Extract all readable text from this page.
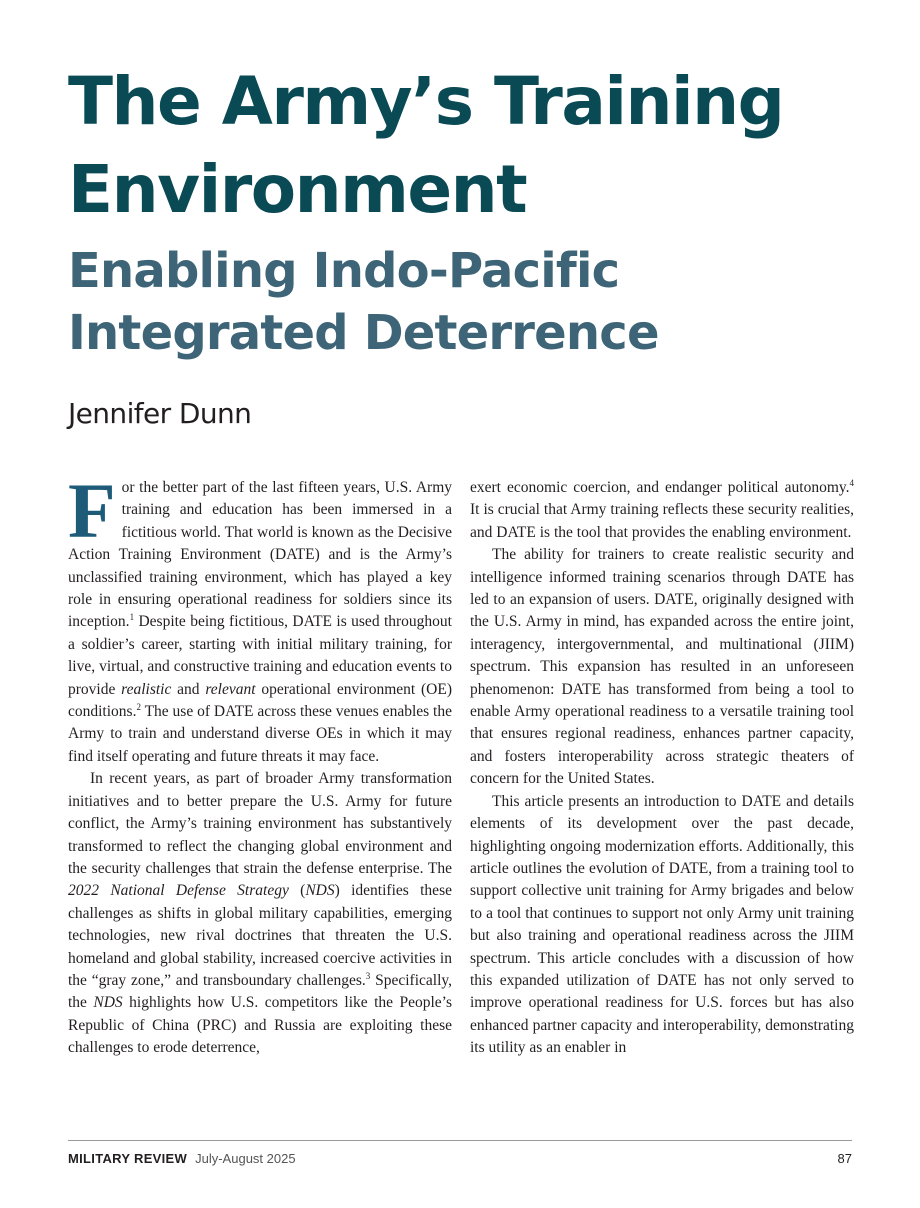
The Army’s Training Environment
Enabling Indo-Pacific Integrated Deterrence
Jennifer Dunn

For the better part of the last fifteen years, U.S. Army training and education has been immersed in a fictitious world. That world is known as the Decisive Action Training Environment (DATE) and is the Army’s unclassified training environment, which has played a key role in ensuring operational readiness for soldiers since its inception.$^1$ Despite being fictitious, DATE is used throughout a soldier’s career, starting with initial military training, for live, virtual, and constructive training and education events to provide realistic and relevant operational environment (OE) conditions.$^2$ The use of DATE across these venues enables the Army to train and understand diverse OEs in which it may find itself operating and future threats it may face.

In recent years, as part of broader Army transformation initiatives and to better prepare the U.S. Army for future conflict, the Army’s training environment has substantively transformed to reflect the changing global environment and the security challenges that strain the defense enterprise. The 2022 National Defense Strategy (NDS) identifies these challenges as shifts in global military capabilities, emerging technologies, new rival doctrines that threaten the U.S. homeland and global stability, increased coercive activities in the “gray zone,” and transboundary challenges.$^3$ Specifically, the NDS highlights how U.S. competitors like the People’s Republic of China (PRC) and Russia are exploiting these challenges to erode deterrence,

exert economic coercion, and endanger political autonomy.$^4$ It is crucial that Army training reflects these security realities, and DATE is the tool that provides the enabling environment.

The ability for trainers to create realistic security and intelligence informed training scenarios through DATE has led to an expansion of users. DATE, originally designed with the U.S. Army in mind, has expanded across the entire joint, interagency, intergovernmental, and multinational (JIIM) spectrum. This expansion has resulted in an unforeseen phenomenon: DATE has transformed from being a tool to enable Army operational readiness to a versatile training tool that ensures regional readiness, enhances partner capacity, and fosters interoperability across strategic theaters of concern for the United States.

This article presents an introduction to DATE and details elements of its development over the past decade, highlighting ongoing modernization efforts. Additionally, this article outlines the evolution of DATE, from a training tool to support collective unit training for Army brigades and below to a tool that continues to support not only Army unit training but also training and operational readiness across the JIIM spectrum. This article concludes with a discussion of how this expanded utilization of DATE has not only served to improve operational readiness for U.S. forces but has also enhanced partner capacity and interoperability, demonstrating its utility as an enabler in

MILITARY REVIEW July-August 2025	87
